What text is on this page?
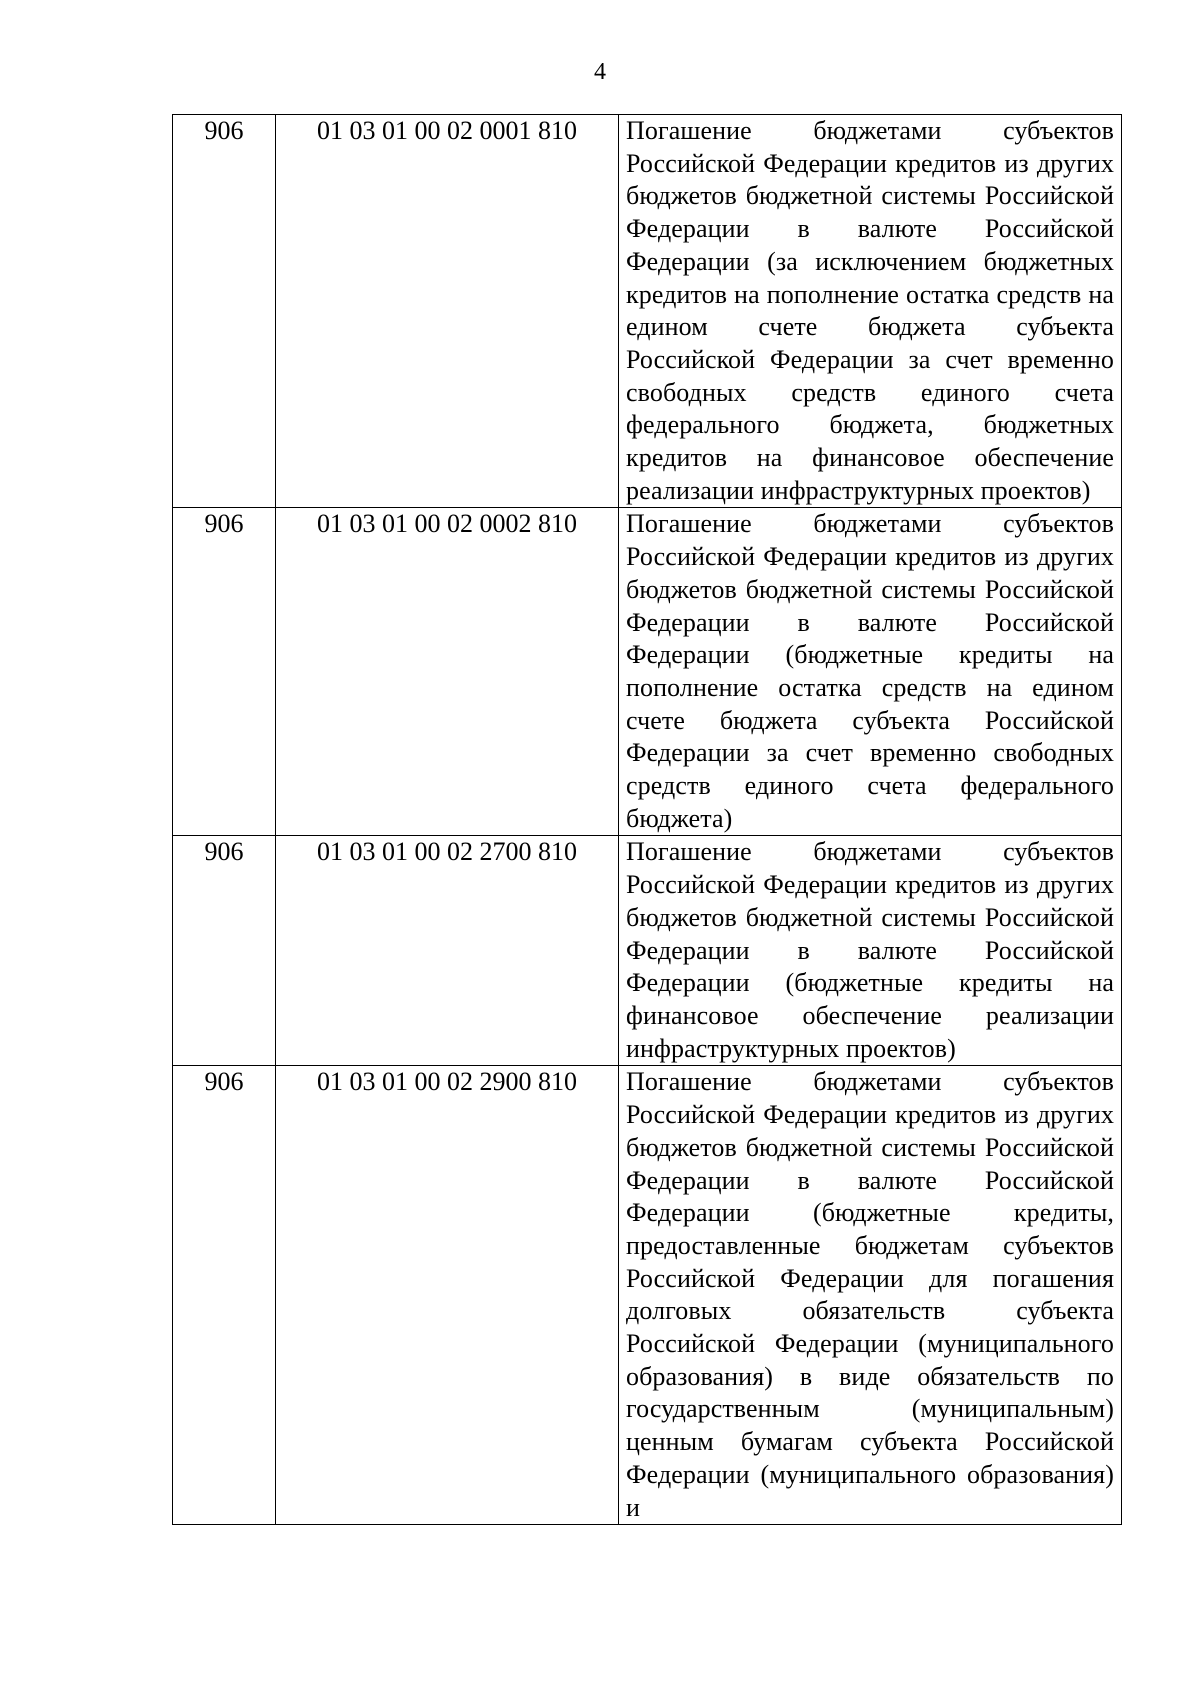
4
906	01 03 01 00 02 0001 810	Погашение бюджетами субъектов Российской Федерации кредитов из других бюджетов бюджетной системы Российской Федерации в валюте Российской Федерации (за исключением бюджетных кредитов на пополнение остатка средств на едином счете бюджета субъекта Российской Федерации за счет временно свободных средств единого счета федерального бюджета, бюджетных кредитов на финансовое обеспечение реализации инфраструктурных проектов)
906	01 03 01 00 02 0002 810	Погашение бюджетами субъектов Российской Федерации кредитов из других бюджетов бюджетной системы Российской Федерации в валюте Российской Федерации (бюджетные кредиты на пополнение остатка средств на едином счете бюджета субъекта Российской Федерации за счет временно свободных средств единого счета федерального бюджета)
906	01 03 01 00 02 2700 810	Погашение бюджетами субъектов Российской Федерации кредитов из других бюджетов бюджетной системы Российской Федерации в валюте Российской Федерации (бюджетные кредиты на финансовое обеспечение реализации инфраструктурных проектов)
906	01 03 01 00 02 2900 810	Погашение бюджетами субъектов Российской Федерации кредитов из других бюджетов бюджетной системы Российской Федерации в валюте Российской Федерации (бюджетные кредиты, предоставленные бюджетам субъектов Российской Федерации для погашения долговых обязательств субъекта Российской Федерации (муниципального образования) в виде обязательств по государственным (муниципальным) ценным бумагам субъекта Российской Федерации (муниципального образования) и
